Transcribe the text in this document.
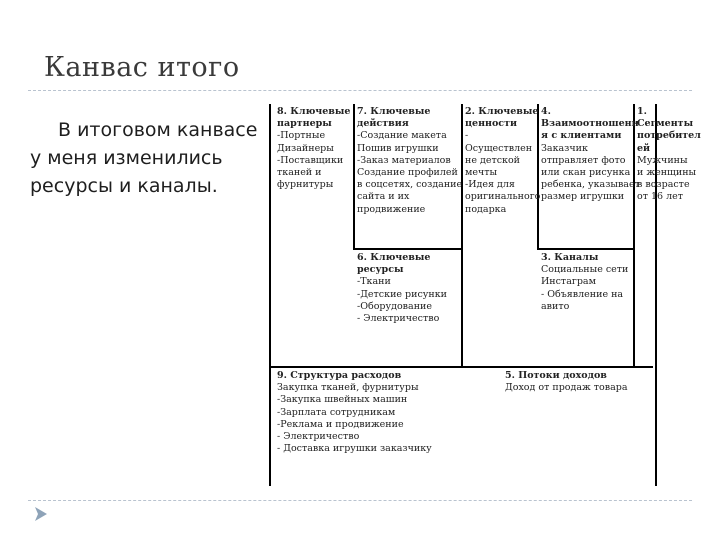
Канвас итого
В итоговом канвасе
у меня изменились
ресурсы и каналы.
8. Ключевые
партнеры
-Портные
Дизайнеры
-Поставщики
тканей и
фурнитуры
7. Ключевые
действия
-Создание макета
Пошив игрушки
-Заказ материалов
Создание профилей
в соцсетях, создание
сайта и их
продвижение
2. Ключевые
ценности
-
Осуществлен
не детской
мечты
-Идея для
оригинального
подарка
4.
Взаимоотношени
я с клиентами
Заказчик
отправляет фото
или скан рисунка
ребенка, указывает
размер игрушки
1.
Сегменты
потребител
ей
Мужчины
и женщины
в возрасте
от 16 лет
6. Ключевые
ресурсы
-Ткани
-Детские рисунки
-Оборудование
- Электричество
3. Каналы
Социальные сети
Инстаграм
- Объявление на
авито
9. Структура расходов
Закупка тканей, фурнитуры
-Закупка швейных машин
-Зарплата сотрудникам
-Реклама и продвижение
- Электричество
- Доставка игрушки заказчику
5. Потоки доходов
Доход от продаж товара
